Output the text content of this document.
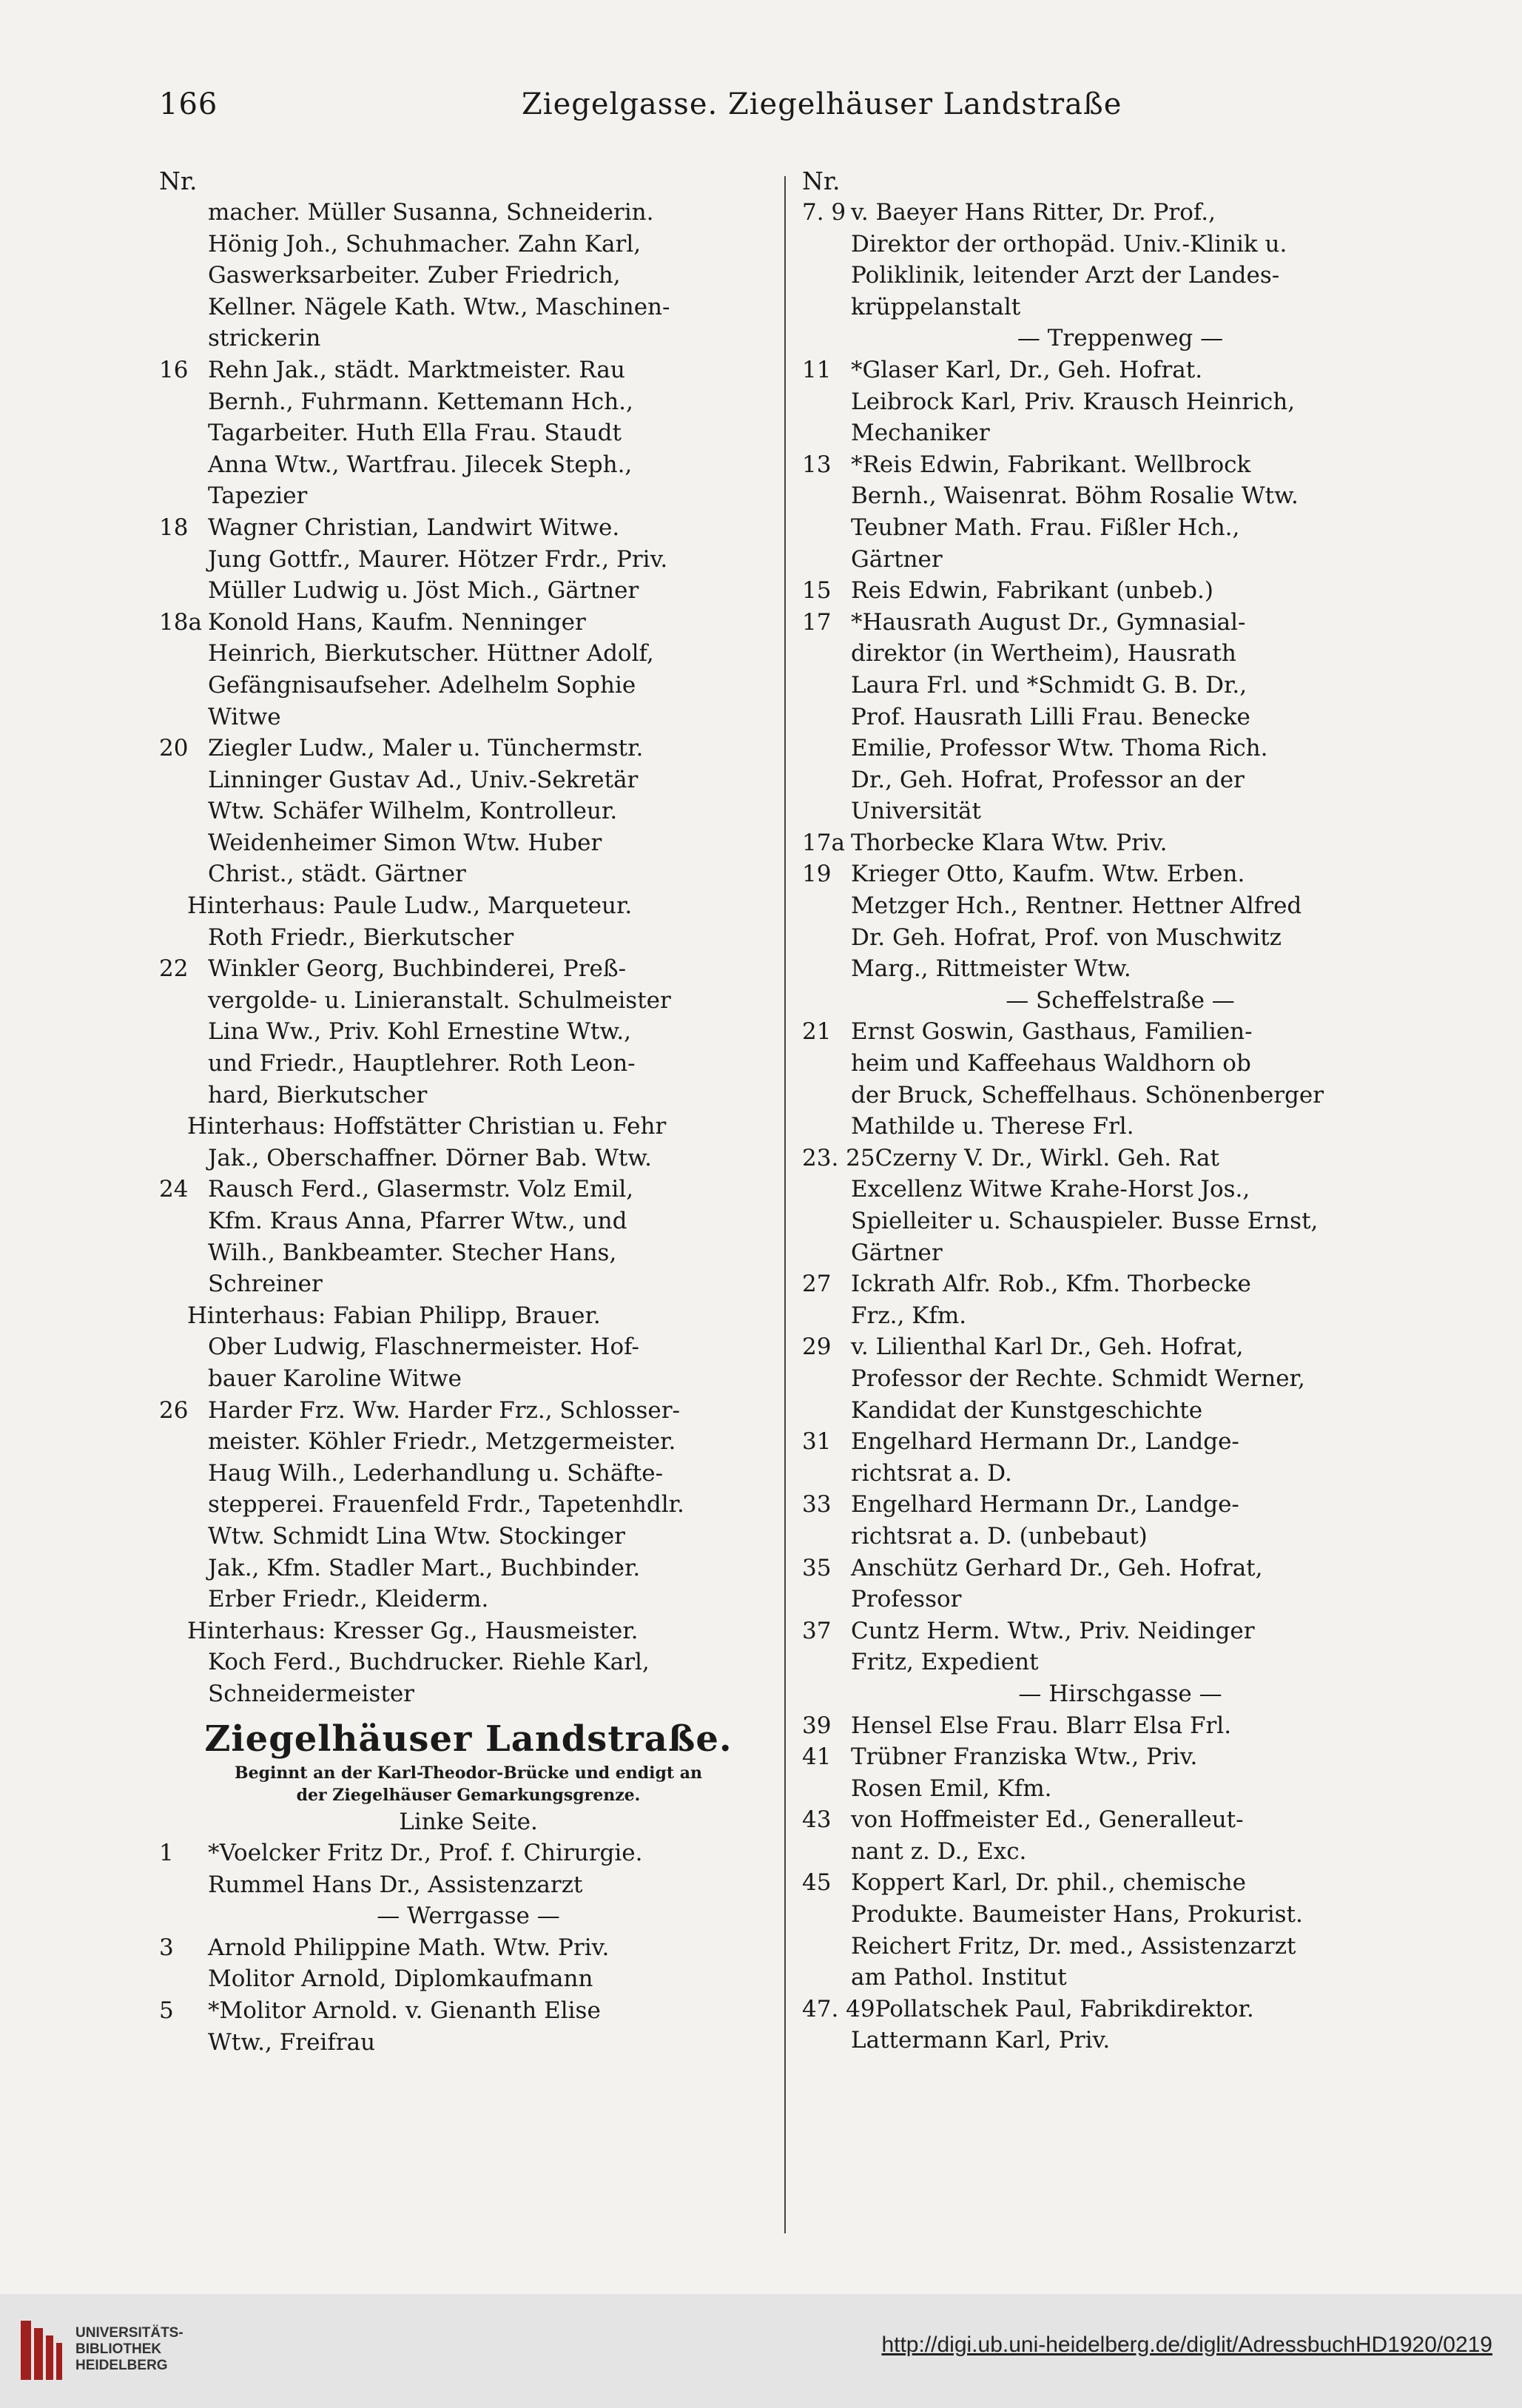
166	Ziegelgasse. Ziegelhäuser Landstraße
Nr.
macher. Müller Susanna, Schneiderin.
Hönig Joh., Schuhmacher. Zahn Karl,
Gaswerksarbeiter. Zuber Friedrich,
Kellner. Nägele Kath. Wtw., Maschinen-
strickerin
16 Rehn Jak., städt. Marktmeister. Rau
Bernh., Fuhrmann. Kettemann Hch.,
Tagarbeiter. Huth Ella Frau. Staudt
Anna Wtw., Wartfrau. Jilecek Steph.,
Tapezier
18 Wagner Christian, Landwirt Witwe.
Jung Gottfr., Maurer. Hötzer Frdr., Priv.
Müller Ludwig u. Jöst Mich., Gärtner
18a Konold Hans, Kaufm. Nenninger
Heinrich, Bierkutscher. Hüttner Adolf,
Gefängnisaufseher. Adelhelm Sophie
Witwe
20 Ziegler Ludw., Maler u. Tünchermstr.
Linninger Gustav Ad., Univ.-Sekretär
Wtw. Schäfer Wilhelm, Kontrolleur.
Weidenheimer Simon Wtw. Huber
Christ., städt. Gärtner
Hinterhaus: Paule Ludw., Marqueteur.
Roth Friedr., Bierkutscher
22 Winkler Georg, Buchbinderei, Preß-
vergolde- u. Linieranstalt. Schulmeister
Lina Ww., Priv. Kohl Ernestine Wtw.,
und Friedr., Hauptlehrer. Roth Leon-
hard, Bierkutscher
Hinterhaus: Hoffstätter Christian u. Fehr
Jak., Oberschaffner. Dörner Bab. Wtw.
24 Rausch Ferd., Glasermstr. Volz Emil,
Kfm. Kraus Anna, Pfarrer Wtw., und
Wilh., Bankbeamter. Stecher Hans,
Schreiner
Hinterhaus: Fabian Philipp, Brauer.
Ober Ludwig, Flaschnermeister. Hof-
bauer Karoline Witwe
26 Harder Frz. Ww. Harder Frz., Schlosser-
meister. Köhler Friedr., Metzgermeister.
Haug Wilh., Lederhandlung u. Schäfte-
stepperei. Frauenfeld Frdr., Tapetenhdlr.
Wtw. Schmidt Lina Wtw. Stockinger
Jak., Kfm. Stadler Mart., Buchbinder.
Erber Friedr., Kleiderm.
Hinterhaus: Kresser Gg., Hausmeister.
Koch Ferd., Buchdrucker. Riehle Karl,
Schneidermeister
Ziegelhäuser Landstraße.
Beginnt an der Karl-Theodor-Brücke und endigt an
der Ziegelhäuser Gemarkungsgrenze.
Linke Seite.
1 *Voelcker Fritz Dr., Prof. f. Chirurgie.
Rummel Hans Dr., Assistenzarzt
— Werrgasse —
3 Arnold Philippine Math. Wtw. Priv.
Molitor Arnold, Diplomkaufmann
5 *Molitor Arnold. v. Gienanth Elise
Wtw., Freifrau
Nr.
7. 9 v. Baeyer Hans Ritter, Dr. Prof.,
Direktor der orthopäd. Univ.-Klinik u.
Poliklinik, leitender Arzt der Landes-
krüppelanstalt
— Treppenweg —
11 *Glaser Karl, Dr., Geh. Hofrat.
Leibrock Karl, Priv. Krausch Heinrich,
Mechaniker
13 *Reis Edwin, Fabrikant. Wellbrock
Bernh., Waisenrat. Böhm Rosalie Wtw.
Teubner Math. Frau. Fißler Hch.,
Gärtner
15 Reis Edwin, Fabrikant (unbeb.)
17 *Hausrath August Dr., Gymnasial-
direktor (in Wertheim), Hausrath
Laura Frl. und *Schmidt G. B. Dr.,
Prof. Hausrath Lilli Frau. Benecke
Emilie, Professor Wtw. Thoma Rich.
Dr., Geh. Hofrat, Professor an der
Universität
17a Thorbecke Klara Wtw. Priv.
19 Krieger Otto, Kaufm. Wtw. Erben.
Metzger Hch., Rentner. Hettner Alfred
Dr. Geh. Hofrat, Prof. von Muschwitz
Marg., Rittmeister Wtw.
— Scheffelstraße —
21 Ernst Goswin, Gasthaus, Familien-
heim und Kaffeehaus Waldhorn ob
der Bruck, Scheffelhaus. Schönenberger
Mathilde u. Therese Frl.
23. 25Czerny V. Dr., Wirkl. Geh. Rat
Excellenz Witwe Krahe-Horst Jos.,
Spielleiter u. Schauspieler. Busse Ernst,
Gärtner
27 Ickrath Alfr. Rob., Kfm. Thorbecke
Frz., Kfm.
29 v. Lilienthal Karl Dr., Geh. Hofrat,
Professor der Rechte. Schmidt Werner,
Kandidat der Kunstgeschichte
31 Engelhard Hermann Dr., Landge-
richtsrat a. D.
33 Engelhard Hermann Dr., Landge-
richtsrat a. D. (unbebaut)
35 Anschütz Gerhard Dr., Geh. Hofrat,
Professor
37 Cuntz Herm. Wtw., Priv. Neidinger
Fritz, Expedient
— Hirschgasse —
39 Hensel Else Frau. Blarr Elsa Frl.
41 Trübner Franziska Wtw., Priv.
Rosen Emil, Kfm.
43 von Hoffmeister Ed., Generalleut-
nant z. D., Exc.
45 Koppert Karl, Dr. phil., chemische
Produkte. Baumeister Hans, Prokurist.
Reichert Fritz, Dr. med., Assistenzarzt
am Pathol. Institut
47. 49Pollatschek Paul, Fabrikdirektor.
Lattermann Karl, Priv.
UNIVERSITÄTS-
BIBLIOTHEK
HEIDELBERG
http://digi.ub.uni-heidelberg.de/diglit/AdressbuchHD1920/0219
